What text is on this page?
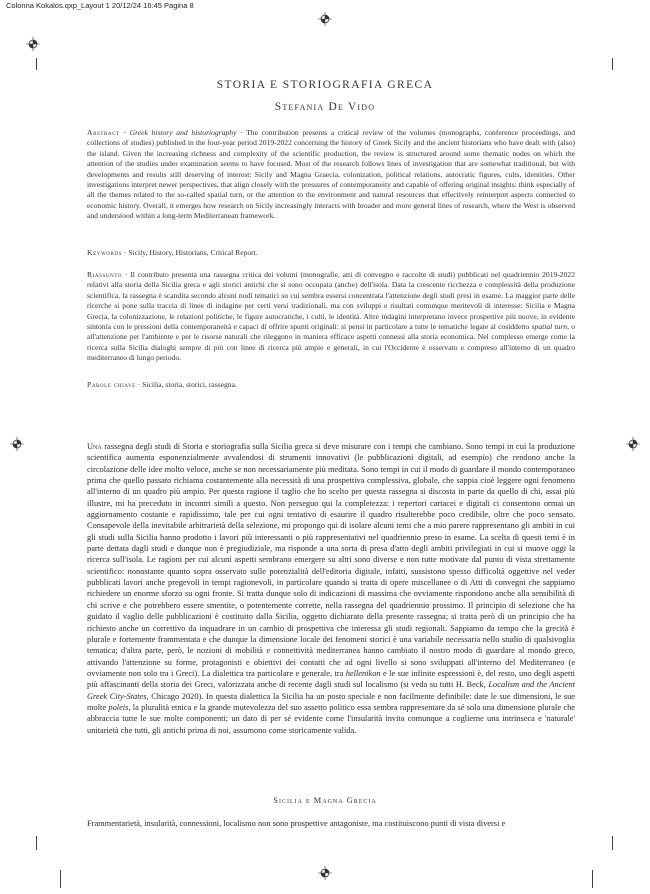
Colonna Kokalos.qxp_Layout 1 20/12/24 16:45 Pagina 8
STORIA E STORIOGRAFIA GRECA
Stefania De Vido
Abstract · Greek history and historiography · The contribution presents a critical review of the volumes (monographs, conference proceedings, and collections of studies) published in the four-year period 2019-2022 concerning the history of Greek Sicily and the ancient historians who have dealt with (also) the island. Given the increasing richness and complexity of the scientific production, the review is structured around some thematic nodes on which the attention of the studies under examination seems to have focused. Most of the research follows lines of investigation that are somewhat traditional, but with developments and results still deserving of interest: Sicily and Magna Graecia, colonization, political relations, autocratic figures, cults, identities. Other investigations interpret newer perspectives, that align closely with the pressures of contemporaneity and capable of offering original insights: think especially of all the themes related to the so-called spatial turn, or the attention to the environment and natural resources that effectively reinterpret aspects connected to economic history. Overall, it emerges how research on Sicily increasingly interacts with broader and more general lines of research, where the West is observed and understood within a long-term Mediterranean framework.
Keywords · Sicily, History, Historians, Critical Report.
Riassunto · Il contributo presenta una rassegna critica dei volumi (monografie, atti di convegno e raccolte di studi) pubblicati nel quadriennio 2019-2022 relativi alla storia della Sicilia greca e agli storici antichi che si sono occupata (anche) dell'isola. Data la crescente ricchezza e complessità della produzione scientifica, la rassegna è scandita secondo alcuni nodi tematici su cui sembra essersi concentrata l'attenzione degli studi presi in esame. La maggior parte delle ricerche si pone sulla traccia di linee di indagine per certi versi tradizionali, ma con sviluppi e risultati comunque meritevoli di interesse: Sicilia e Magna Grecia, la colonizzazione, le relazioni politiche, le figure autocratiche, i culti, le identità. Altre indagini interpretano invece prospettive più nuove, in evidente sintonia con le pressioni della contemporaneità e capaci di offrire spunti originali: si pensi in particolare a tutte le tematiche legate al cosiddetto spatial turn, o all'attenzione per l'ambiente e per le risorse naturali che rileggono in maniera efficace aspetti connessi alla storia economica. Nel complesso emerge come la ricerca sulla Sicilia dialoghi sempre di più con linee di ricerca più ampie e generali, in cui l'Occidente è osservato e compreso all'interno di un quadro mediterraneo di lungo periodo.
Parole chiave · Sicilia, storia, storici, rassegna.
Una rassegna degli studi di Storia e storiografia sulla Sicilia greca si deve misurare con i tempi che cambiano. Sono tempi in cui la produzione scientifica aumenta esponenzialmente avvalendosi di strumenti innovativi (le pubblicazioni digitali, ad esempio) che rendono anche la circolazione delle idee molto veloce, anche se non necessariamente più meditata. Sono tempi in cui il modo di guardare il mondo contemporaneo prima che quello passato richiama costantemente alla necessità di una prospettiva complessiva, globale, che sappia cioè leggere ogni fenomeno all'interno di un quadro più ampio. Per questa ragione il taglio che ho scelto per questa rassegna si discosta in parte da quello di chi, assai più illustre, mi ha preceduto in incontri simili a questo. Non perseguo qui la completezza: i repertori cartacei e digitali ci consentono ormai un aggiornamento costante e rapidissimo, tale per cui ogni tentativo di esaurire il quadro risulterebbe poco credibile, oltre che poco sensato. Consapevole della inevitabile arbitrarietà della selezione, mi propongo qui di isolare alcuni temi che a mio parere rappresentano gli ambiti in cui gli studi sulla Sicilia hanno prodotto i lavori più interessanti o più rappresentativi nel quadriennio preso in esame. La scelta di questi temi è in parte dettata dagli studi e dunque non è pregiudiziale, ma risponde a una sorta di presa d'atto degli ambiti privilegiati in cui si muove oggi la ricerca sull'isola. Le ragioni per cui alcuni aspetti sembrano emergere su altri sono diverse e non tutte motivate dal punto di vista strettamente scientifico: nonostante quanto sopra osservato sulle potenzialità dell'editoria digitale, infatti, sussistono spesso difficoltà oggettive nel veder pubblicati lavori anche pregevoli in tempi ragionevoli, in particolare quando si tratta di opere miscellanee o di Atti di convegni che sappiamo richiedere un enorme sforzo su ogni fronte. Si tratta dunque solo di indicazioni di massima che ovviamente rispondono anche alla sensibilità di chi scrive e che potrebbero essere smentite, o potentemente corrette, nella rassegna del quadriennio prossimo. Il principio di selezione che ha guidato il vaglio delle pubblicazioni è costituito dalla Sicilia, oggetto dichiarato della presente rassegna; si tratta però di un principio che ha richiesto anche un correttivo da inquadrare in un cambio di prospettiva che interessa gli studi regionali. Sappiamo da tempo che la grecità è plurale e fortemente frammentata e che dunque la dimensione locale dei fenomeni storici è una variabile necessaria nello studio di qualsivoglia tematica; d'altra parte, però, le nozioni di mobilità e connettività mediterranea hanno cambiato il nostro modo di guardare al mondo greco, attivando l'attenzione su forme, protagonisti e obiettivi dei contatti che ad ogni livello si sono sviluppati all'interno del Mediterraneo (e ovviamente non solo tra i Greci). La dialettica tra particolare e generale, tra hellenikon e le sue infinite espressioni è, del resto, uno degli aspetti più affascinanti della storia dei Greci, valorizzata anche di recente dagli studi sul localismo (si veda su tutti H. Beck, Localism and the Ancient Greek City-States, Chicago 2020). In questa dialettica la Sicilia ha un posto speciale e non facilmente definibile: date le sue dimensioni, le sue molte poleis, la pluralità etnica e la grande mutevolezza del suo assetto politico essa sembra rappresentare da sé sola una dimensione plurale che abbraccia tutte le sue molte componenti; un dato di per sé evidente come l'insularità invita comunque a coglierne una intrinseca e 'naturale' unitarietà che tutti, gli antichi prima di noi, assumono come storicamente valida.
Sicilia e Magna Grecia
Frammentarietà, insularità, connessioni, localismo non sono prospettive antagoniste, ma costituiscono punti di vista diversi e
